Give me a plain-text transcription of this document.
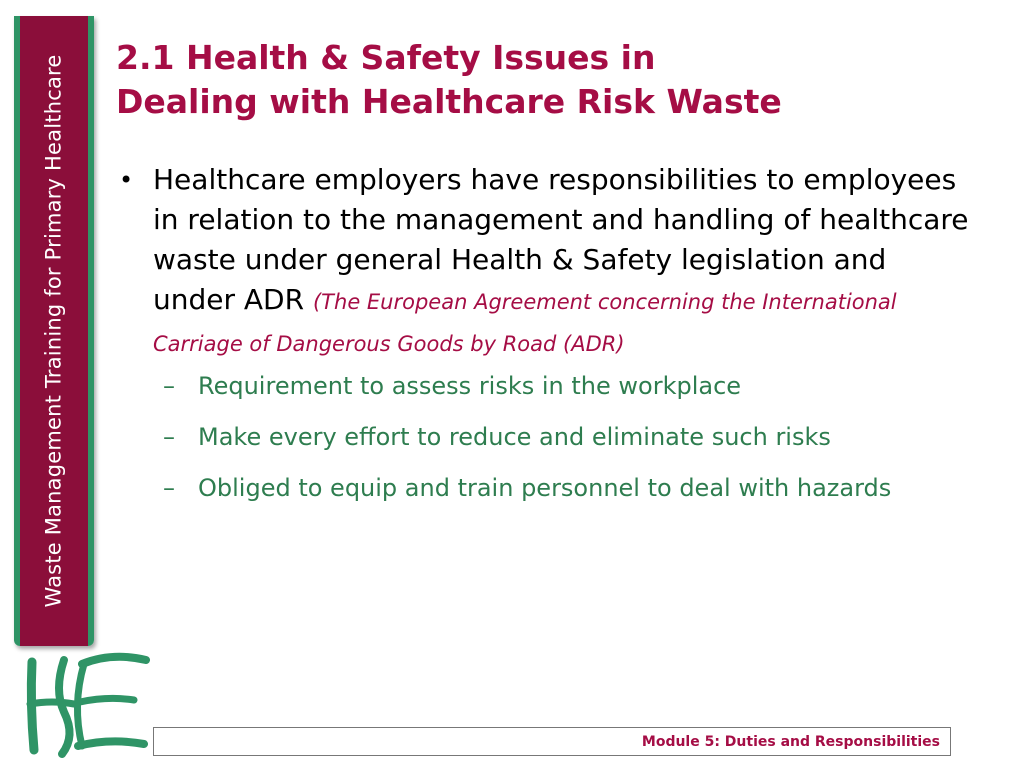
Waste Management Training for Primary Healthcare 2.1 Health & Safety Issues in
Dealing with Healthcare Risk Waste
• Healthcare employers have responsibilities to employees in relation to the management and handling of healthcare waste under general Health & Safety legislation and under ADR (The European Agreement concerning the International Carriage of Dangerous Goods by Road (ADR)
– Requirement to assess risks in the workplace
– Make every effort to reduce and eliminate such risks
– Obliged to equip and train personnel to deal with hazards
Module 5: Duties and Responsibilities
